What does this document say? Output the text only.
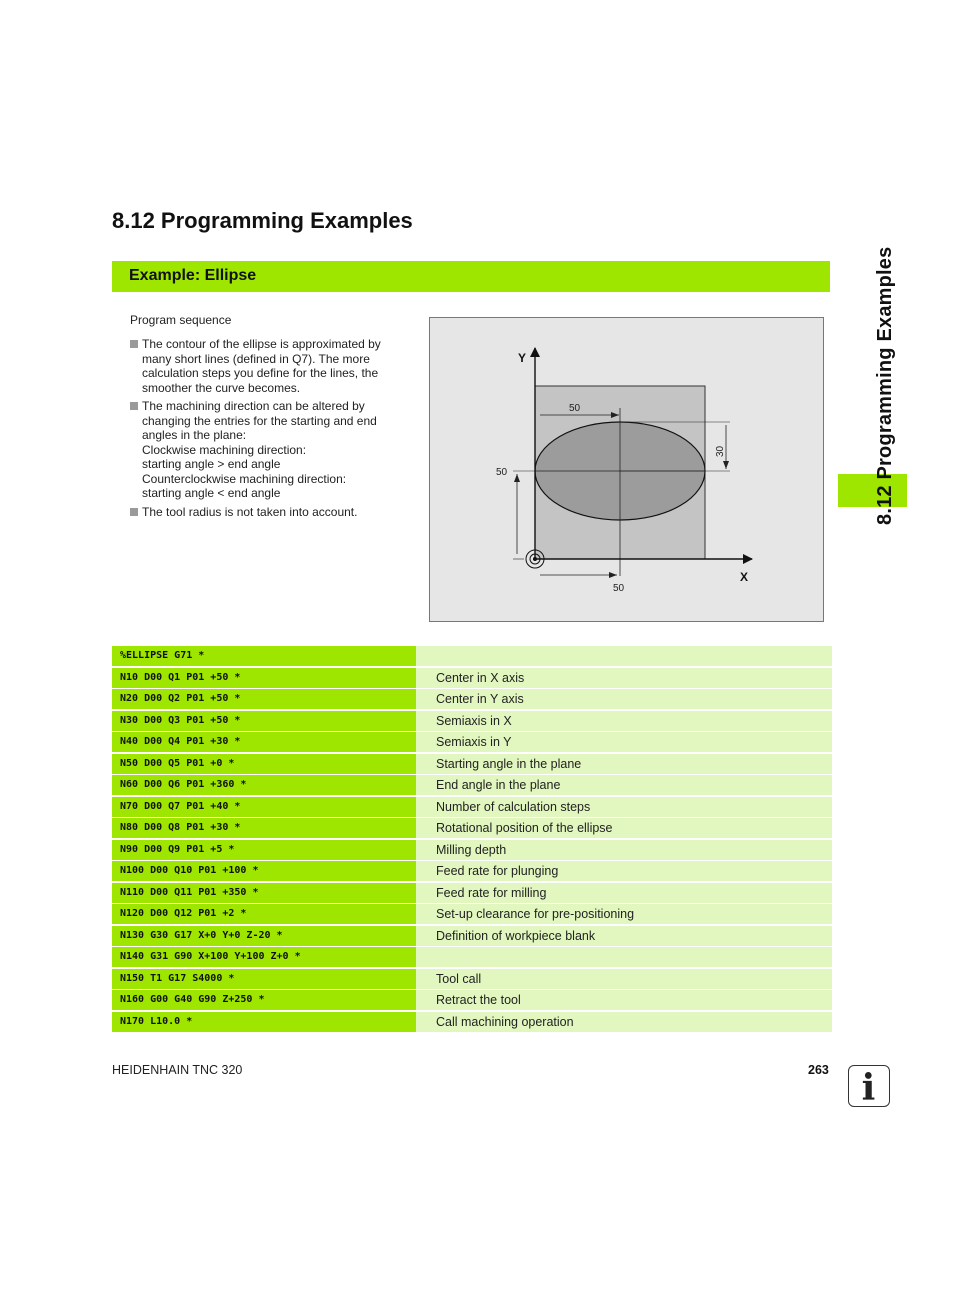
8.12 Programming Examples
Example: Ellipse	8.12 Programming Examples
Program sequence
The contour of the ellipse is approximated by
many short lines (defined in Q7). The more
calculation steps you define for the lines, the
smoother the curve becomes.
The machining direction can be altered by
changing the entries for the starting and end
angles in the plane:
Clockwise machining direction:
starting angle > end angle
Counterclockwise machining direction:
starting angle < end angle
The tool radius is not taken into account.
Y
X
50
30
50
50
%ELLIPSE G71 *
N10 D00 Q1 P01 +50 *	Center in X axis
N20 D00 Q2 P01 +50 *	Center in Y axis
N30 D00 Q3 P01 +50 *	Semiaxis in X
N40 D00 Q4 P01 +30 *	Semiaxis in Y
N50 D00 Q5 P01 +0 *	Starting angle in the plane
N60 D00 Q6 P01 +360 *	End angle in the plane
N70 D00 Q7 P01 +40 *	Number of calculation steps
N80 D00 Q8 P01 +30 *	Rotational position of the ellipse
N90 D00 Q9 P01 +5 *	Milling depth
N100 D00 Q10 P01 +100 *	Feed rate for plunging
N110 D00 Q11 P01 +350 *	Feed rate for milling
N120 D00 Q12 P01 +2 *	Set-up clearance for pre-positioning
N130 G30 G17 X+0 Y+0 Z-20 *	Definition of workpiece blank
N140 G31 G90 X+100 Y+100 Z+0 *
N150 T1 G17 S4000 *	Tool call
N160 G00 G40 G90 Z+250 *	Retract the tool
N170 L10.0 *	Call machining operation
HEIDENHAIN TNC 320	263 i
